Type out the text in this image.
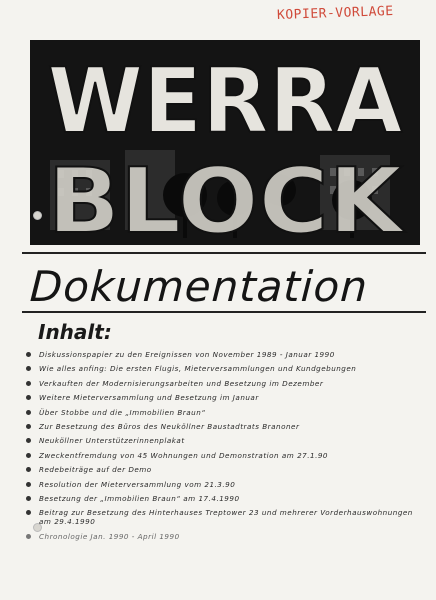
KOPIER-VORLAGE
WERRA
BLOCK
Dokumentation
Inhalt:
Diskussionspapier zu den Ereignissen von November 1989 - Januar 1990
Wie alles anfing: Die ersten Flugis, Mieterversammlungen und Kundgebungen
Verkauften der Modernisierungsarbeiten und Besetzung im Dezember
Weitere Mieterversammlung und Besetzung im Januar
Über Stobbe und die „Immobilien Braun“
Zur Besetzung des Büros des Neuköllner Baustadtrats Branoner
Neuköllner Unterstützerinnenplakat
Zweckentfremdung von 45 Wohnungen und Demonstration am 27.1.90
Redebeiträge auf der Demo
Resolution der Mieterversammlung vom 21.3.90
Besetzung der „Immobilien Braun“ am 17.4.1990
Beitrag zur Besetzung des Hinterhauses Treptower 23 und mehrerer Vorderhauswohnungen am 29.4.1990
Chronologie Jan. 1990 - April 1990
